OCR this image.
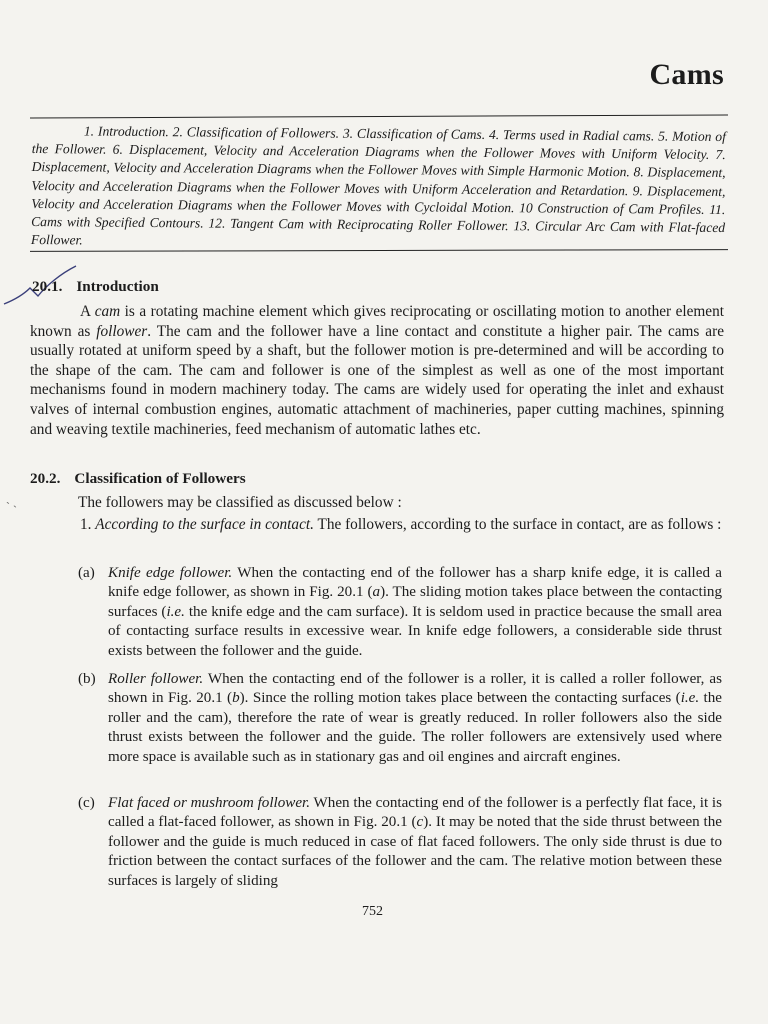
Cams
1. Introduction. 2. Classification of Followers. 3. Classification of Cams. 4. Terms used in Radial cams. 5. Motion of the Follower. 6. Displacement, Velocity and Acceleration Diagrams when the Follower Moves with Uniform Velocity. 7. Displacement, Velocity and Acceleration Diagrams when the Follower Moves with Simple Harmonic Motion. 8. Displacement, Velocity and Acceleration Diagrams when the Follower Moves with Uniform Acceleration and Retardation. 9. Displacement, Velocity and Acceleration Diagrams when the Follower Moves with Cycloidal Motion. 10 Construction of Cam Profiles. 11. Cams with Specified Contours. 12. Tangent Cam with Reciprocating Roller Follower. 13. Circular Arc Cam with Flat-faced Follower.
20.1. Introduction
A cam is a rotating machine element which gives reciprocating or oscillating motion to another element known as follower. The cam and the follower have a line contact and constitute a higher pair. The cams are usually rotated at uniform speed by a shaft, but the follower motion is pre-determined and will be according to the shape of the cam. The cam and follower is one of the simplest as well as one of the most important mechanisms found in modern machinery today. The cams are widely used for operating the inlet and exhaust valves of internal combustion engines, automatic attachment of machineries, paper cutting machines, spinning and weaving textile machineries, feed mechanism of automatic lathes etc.
˴ ˎ
20.2. Classification of Followers
The followers may be classified as discussed below :
1. According to the surface in contact. The followers, according to the surface in contact, are as follows :
(a) Knife edge follower. When the contacting end of the follower has a sharp knife edge, it is called a knife edge follower, as shown in Fig. 20.1 (a). The sliding motion takes place between the contacting surfaces (i.e. the knife edge and the cam surface). It is seldom used in practice because the small area of contacting surface results in excessive wear. In knife edge followers, a considerable side thrust exists between the follower and the guide.
(b) Roller follower. When the contacting end of the follower is a roller, it is called a roller follower, as shown in Fig. 20.1 (b). Since the rolling motion takes place between the contacting surfaces (i.e. the roller and the cam), therefore the rate of wear is greatly reduced. In roller followers also the side thrust exists between the follower and the guide. The roller followers are extensively used where more space is available such as in stationary gas and oil engines and aircraft engines.
(c) Flat faced or mushroom follower. When the contacting end of the follower is a perfectly flat face, it is called a flat-faced follower, as shown in Fig. 20.1 (c). It may be noted that the side thrust between the follower and the guide is much reduced in case of flat faced followers. The only side thrust is due to friction between the contact surfaces of the follower and the cam. The relative motion between these surfaces is largely of sliding
752
